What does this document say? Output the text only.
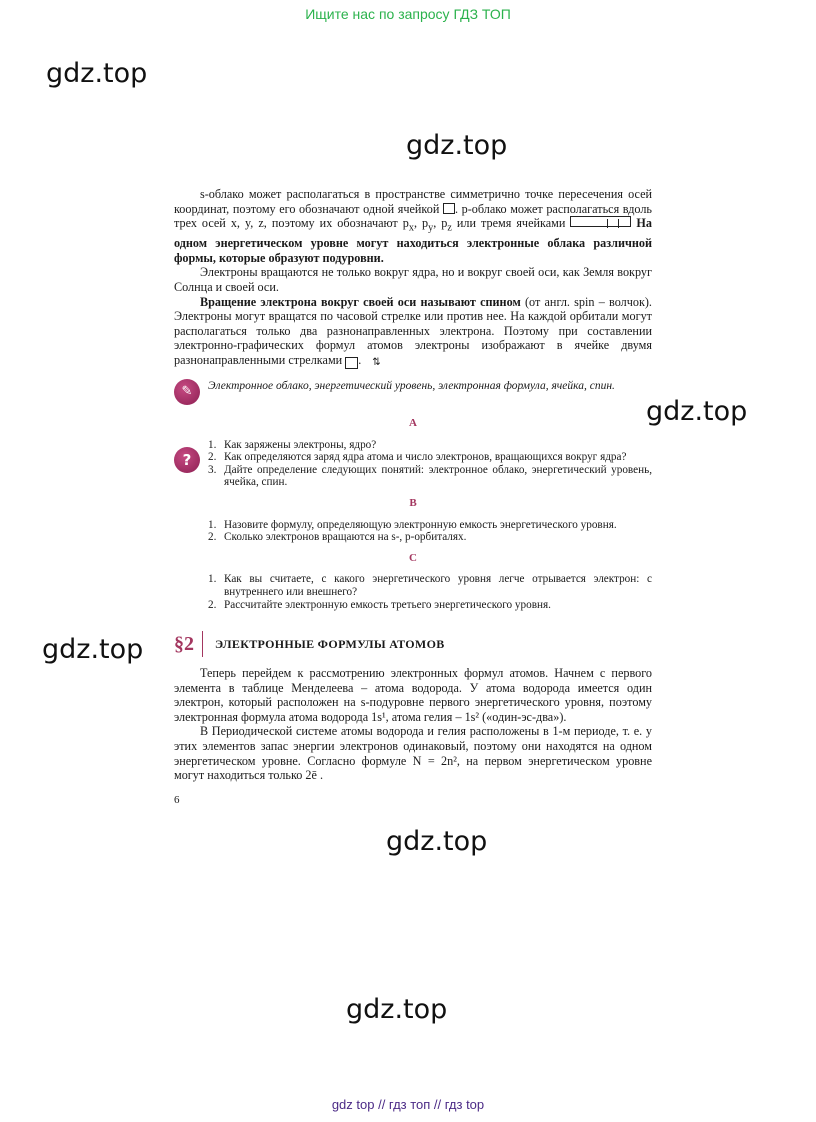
Ищите нас по запросу ГДЗ ТОП
gdz.top
gdz.top
gdz.top
gdz.top
gdz.top
gdz.top

s-облако может располагаться в пространстве симметрично точке пересечения осей координат, поэтому его обозначают одной ячейкой . p-облако может располагаться вдоль трех осей x, y, z, поэтому их обозначают $p_x$, $p_y$, $p_z$ или тремя ячейками	На одном энергетическом уровне могут находиться электронные облака различной формы, которые образуют подуровни.

Электроны вращаются не только вокруг ядра, но и вокруг своей оси, как Земля вокруг Солнца и своей оси.

Вращение электрона вокруг своей оси называют спином (от англ. spin – волчок). Электроны могут вращатся по часовой стрелке или против нее. На каждой орбитали могут располагаться только два разнонаправленных электрона. Поэтому при составлении электронно-графических формул атомов электроны изображают в ячейке двумя разнонаправленными стрелками	⇅.

✎	Электронное облако, энергетический уровень, электронная формула, ячейка, спин.
A
?
1. Как заряжены электроны, ядро?
2. Как определяются заряд ядра атома и число электронов, вращающихся вокруг ядра?
3. Дайте определение следующих понятий: электронное облако, энергетический уровень, ячейка, спин.
B
1. Назовите формулу, определяющую электронную емкость энергетического уровня.
2. Сколько электронов вращаются на s-, p-орбиталях.
C
1. Как вы считаете, с какого энергетического уровня легче отрывается электрон: с внутреннего или внешнего?
2. Рассчитайте электронную емкость третьего энергетического уровня.
§2	ЭЛЕКТРОННЫЕ ФОРМУЛЫ АТОМОВ

Теперь перейдем к рассмотрению электронных формул атомов. Начнем с первого элемента в таблице Менделеева – атома водорода. У атома водорода имеется один электрон, который расположен на s-подуровне первого энергетического уровня, поэтому электронная формула атома водорода 1s¹, атома гелия – 1s² («один-эс-два»).

В Периодической системе атомы водорода и гелия расположены в 1-м периоде, т. е. у этих элементов запас энергии электронов одинаковый, поэтому они находятся на одном энергетическом уровне. Согласно формуле N = 2n², на первом энергетическом уровне могут находиться только 2ē .

6
gdz top // гдз топ // гдз top
